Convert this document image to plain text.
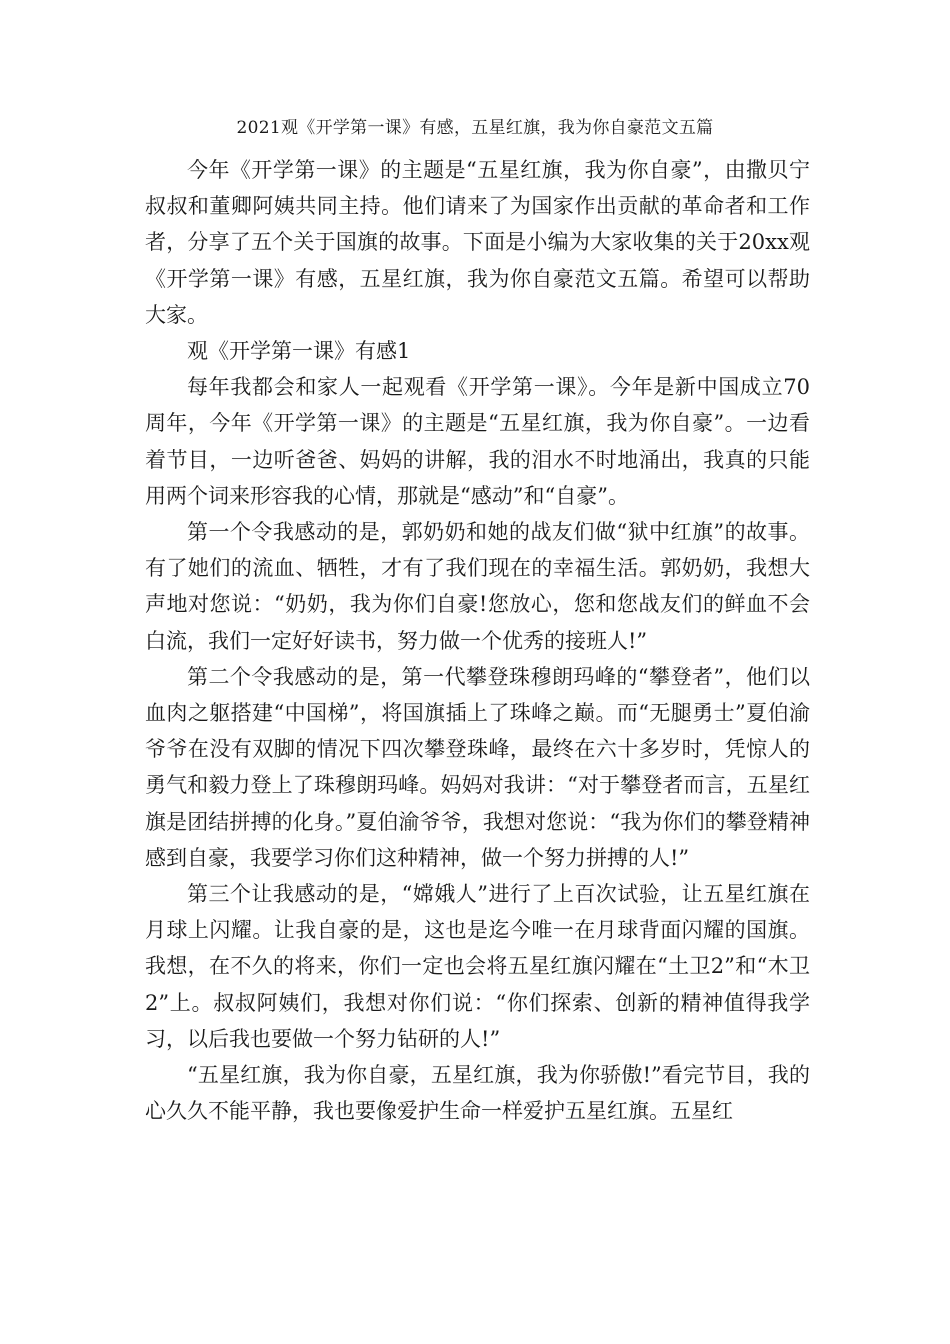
2021观《开学第一课》有感，五星红旗，我为你自豪范文五篇

今年《开学第一课》的主题是“五星红旗，我为你自豪”，由撒贝宁叔叔和董卿阿姨共同主持。他们请来了为国家作出贡献的革命者和工作者，分享了五个关于国旗的故事。下面是小编为大家收集的关于20xx观《开学第一课》有感，五星红旗，我为你自豪范文五篇。希望可以帮助大家。

观《开学第一课》有感1

每年我都会和家人一起观看《开学第一课》。今年是新中国成立70周年，今年《开学第一课》的主题是“五星红旗，我为你自豪”。一边看着节目，一边听爸爸、妈妈的讲解，我的泪水不时地涌出，我真的只能用两个词来形容我的心情，那就是“感动”和“自豪”。

第一个令我感动的是，郭奶奶和她的战友们做“狱中红旗”的故事。有了她们的流血、牺牲，才有了我们现在的幸福生活。郭奶奶，我想大声地对您说：“奶奶，我为你们自豪!您放心，您和您战友们的鲜血不会白流，我们一定好好读书，努力做一个优秀的接班人!”

第二个令我感动的是，第一代攀登珠穆朗玛峰的“攀登者”，他们以血肉之躯搭建“中国梯”，将国旗插上了珠峰之巅。而“无腿勇士”夏伯渝爷爷在没有双脚的情况下四次攀登珠峰，最终在六十多岁时，凭惊人的勇气和毅力登上了珠穆朗玛峰。妈妈对我讲：“对于攀登者而言，五星红旗是团结拼搏的化身。”夏伯渝爷爷，我想对您说：“我为你们的攀登精神感到自豪，我要学习你们这种精神，做一个努力拼搏的人!”

第三个让我感动的是，“嫦娥人”进行了上百次试验，让五星红旗在月球上闪耀。让我自豪的是，这也是迄今唯一在月球背面闪耀的国旗。我想，在不久的将来，你们一定也会将五星红旗闪耀在“土卫2”和“木卫2”上。叔叔阿姨们，我想对你们说：“你们探索、创新的精神值得我学习，以后我也要做一个努力钻研的人!”

“五星红旗，我为你自豪，五星红旗，我为你骄傲!”看完节目，我的心久久不能平静，我也要像爱护生命一样爱护五星红旗。五星红
